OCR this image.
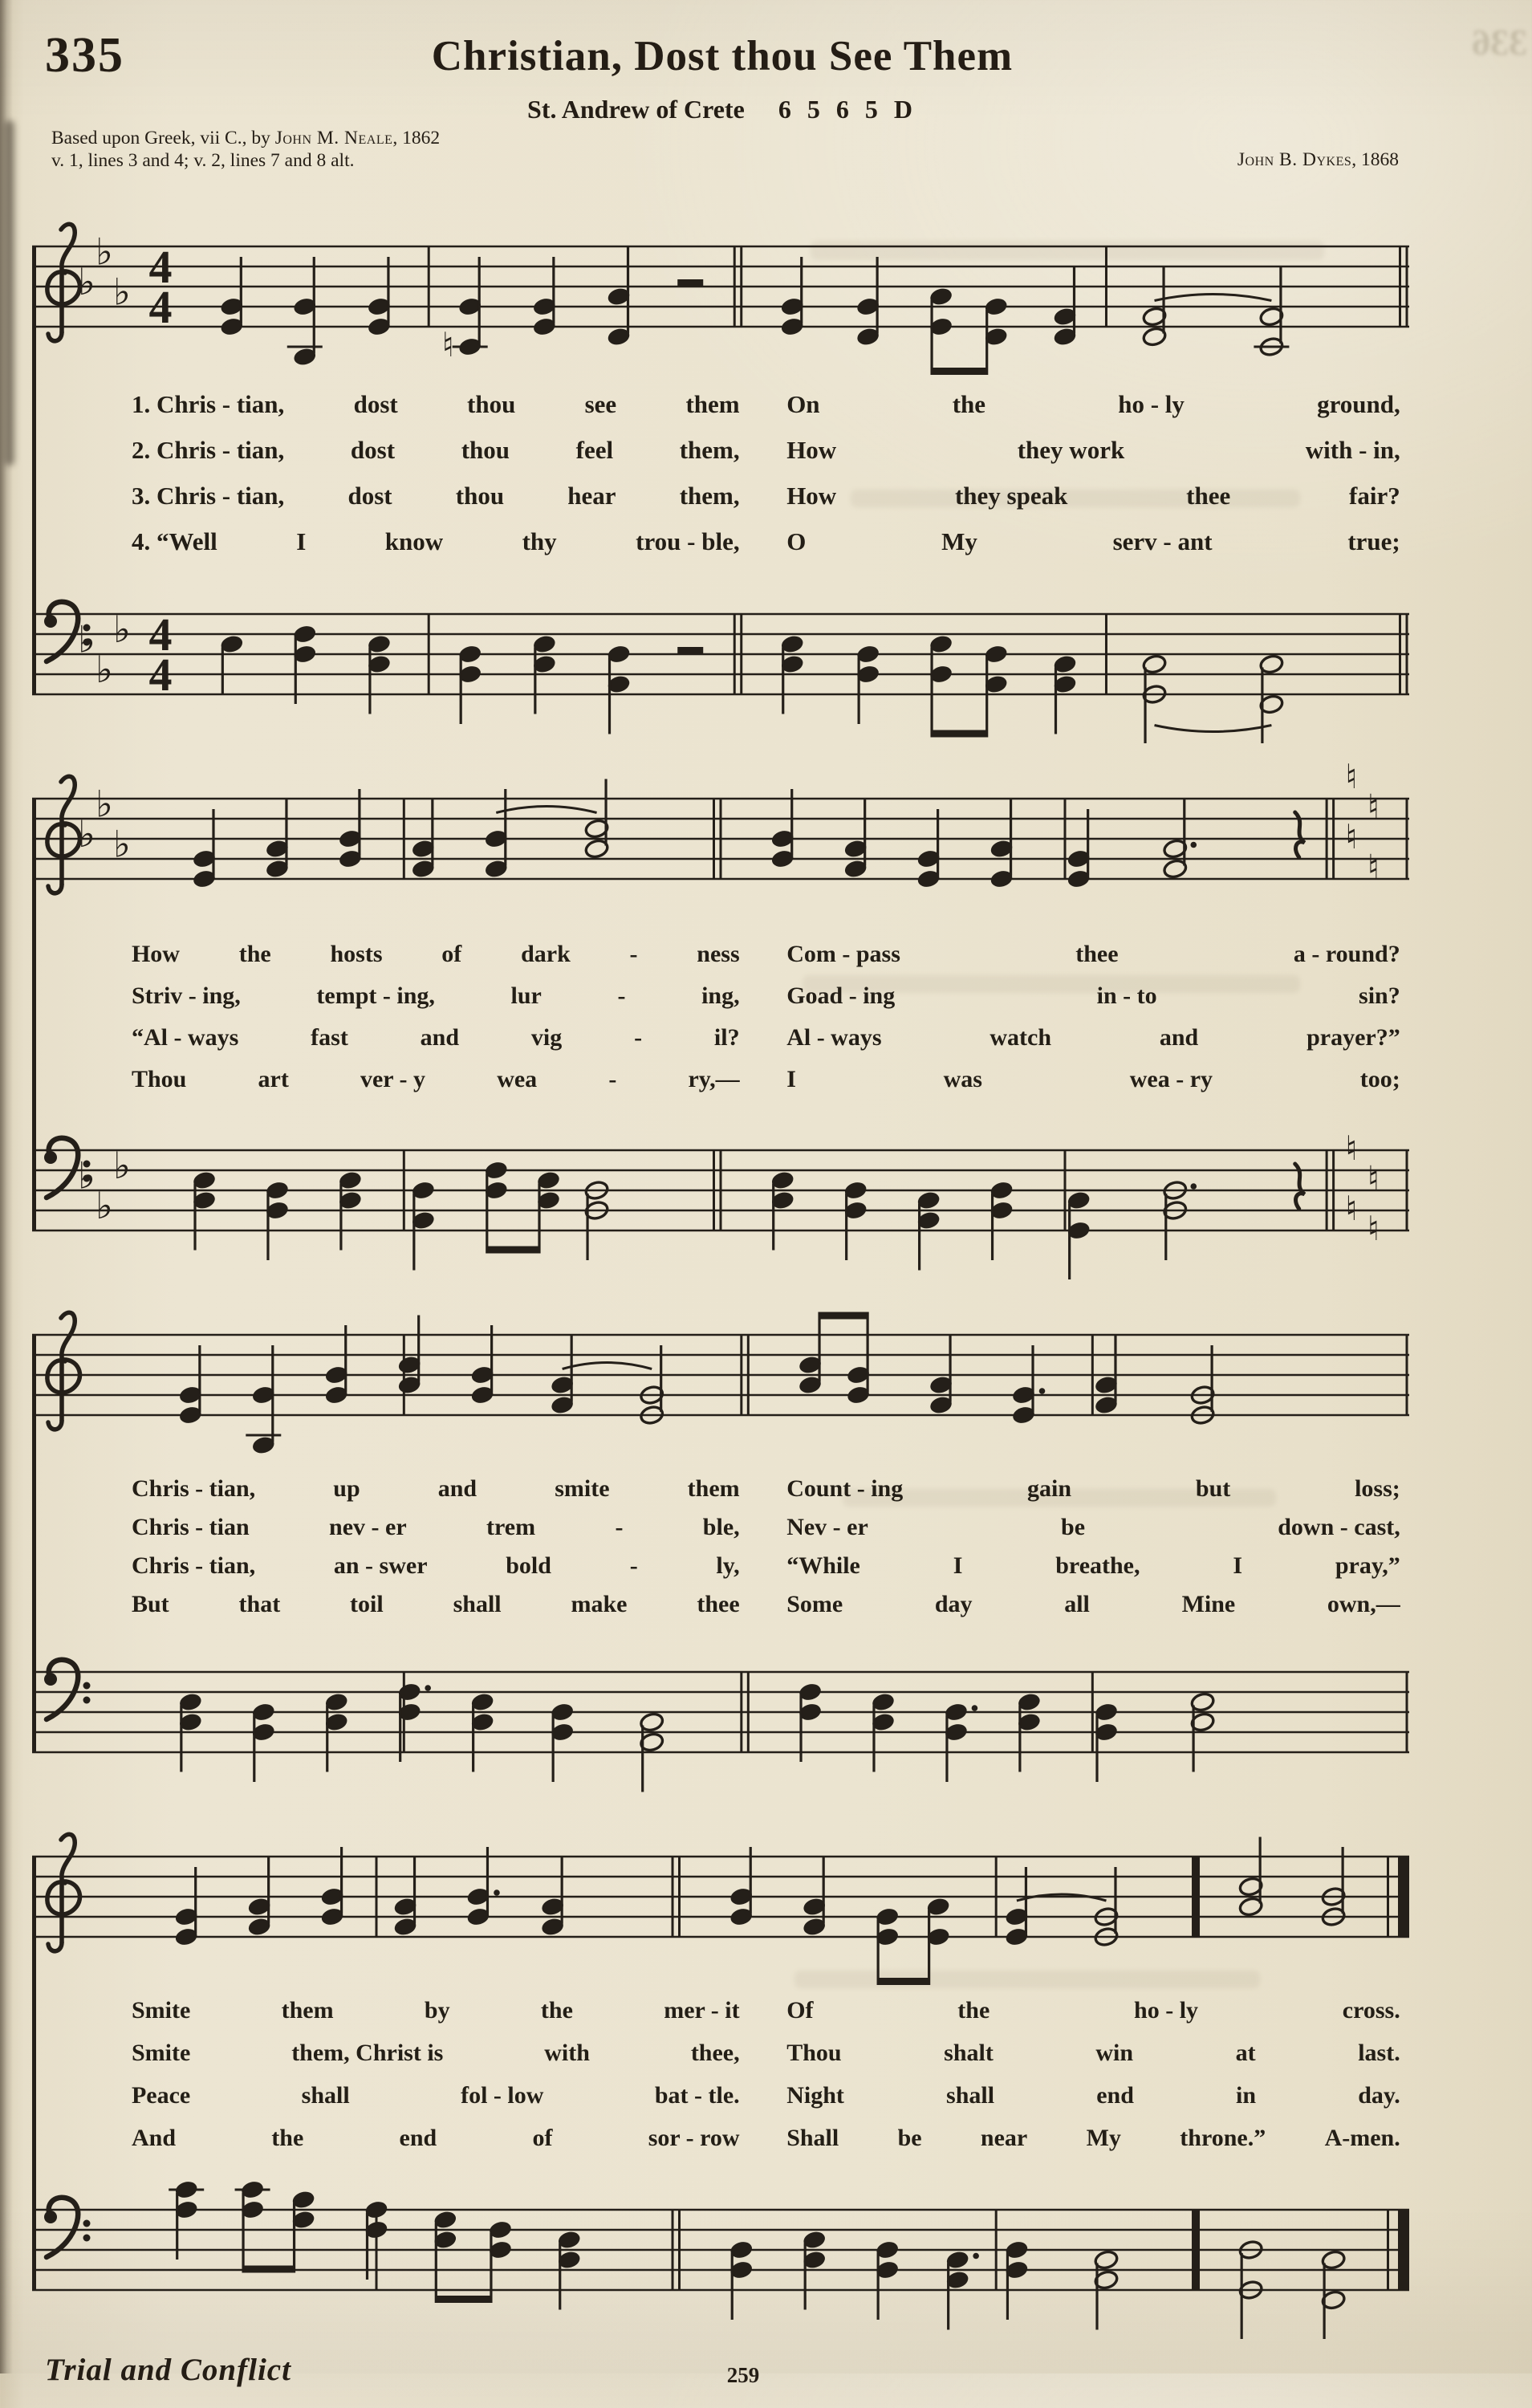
336
335	Christian, Dost thou See Them
St. Andrew of Crete 6 5 6 5 D
Based upon Greek, vii C., by John M. Neale, 1862
v. 1, lines 3 and 4; v. 2, lines 7 and 8 alt.	John B. Dykes, 1868
♭
♭
♭ 4
4
♮
1. Chris - tian,	dost	thou	see	them On	the	ho - ly	ground,
2. Chris - tian,	dost	thou	feel	them, How	they work	with - in,
3. Chris - tian,	dost	thou	hear	them, How	they speak	thee	fair?
4. “Well	I	know	thy	trou - ble, O	My	serv - ant	true;
♭
♭
♭ 4
4
♭
♭
♭
♮
♮
♮
♮
How the hosts of dark - ness Com - pass	thee	a - round?
Striv - ing,	tempt - ing,	lur	-	ing, Goad - ing	in - to	sin?
“Al - ways	fast	and	vig	-	il? Al - ways	watch	and	prayer?”
Thou	art	ver - y	wea	-	ry,— I	was	wea - ry	too;
♭
♭
♭	♮
♮
♮
♮
Chris - tian,	up	and	smite	them Count - ing	gain	but	loss;
Chris - tian	nev - er	trem	-	ble, Nev - er	be	down - cast,
Chris - tian,	an - swer	bold	-	ly, “While	I	breathe,	I	pray,”
But	that	toil	shall	make	thee Some	day	all	Mine	own,—
Smite	them	by	the	mer - it Of	the	ho - ly	cross.
Smite	them, Christ is	with	thee, Thou	shalt	win	at	last.
Peace	shall	fol - low	bat - tle. Night	shall	end	in	day.
And	the	end	of	sor - row Shall be near My throne.” A-men.
Trial and Conflict	259
